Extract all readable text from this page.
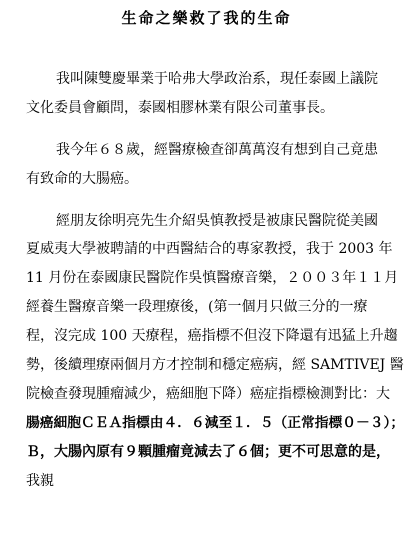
生命之樂救了我的生命
我叫陳雙慶畢業于哈弗大學政治系，現任泰國上議院
文化委員會顧問，泰國相膠林業有限公司董事長。
我今年６８歲，經醫療檢查卻萬萬沒有想到自己竟患
有致命的大腸癌。
經朋友徐明亮先生介紹吳慎教授是被康民醫院從美國
夏威夷大學被聘請的中西醫結合的專家教授，我于 2003 年
11 月份在泰國康民醫院作吳慎醫療音樂，２００３年１１月
經養生醫療音樂一段理療後，(第一個月只做三分的一療
程，沒完成 100 天療程，癌指標不但沒下降還有迅猛上升趨
勢，後續理療兩個月方才控制和穩定癌病，經 SAMTIVEJ 醫
院檢查發現腫瘤減少，癌細胞下降）癌症指標檢測對比：大
腸癌細胞ＣＥＡ指標由４．６減至１．５（正常指標０－３）；
Ｂ，大腸內原有９顆腫瘤竟減去了６個；更不可思意的是，
我親
